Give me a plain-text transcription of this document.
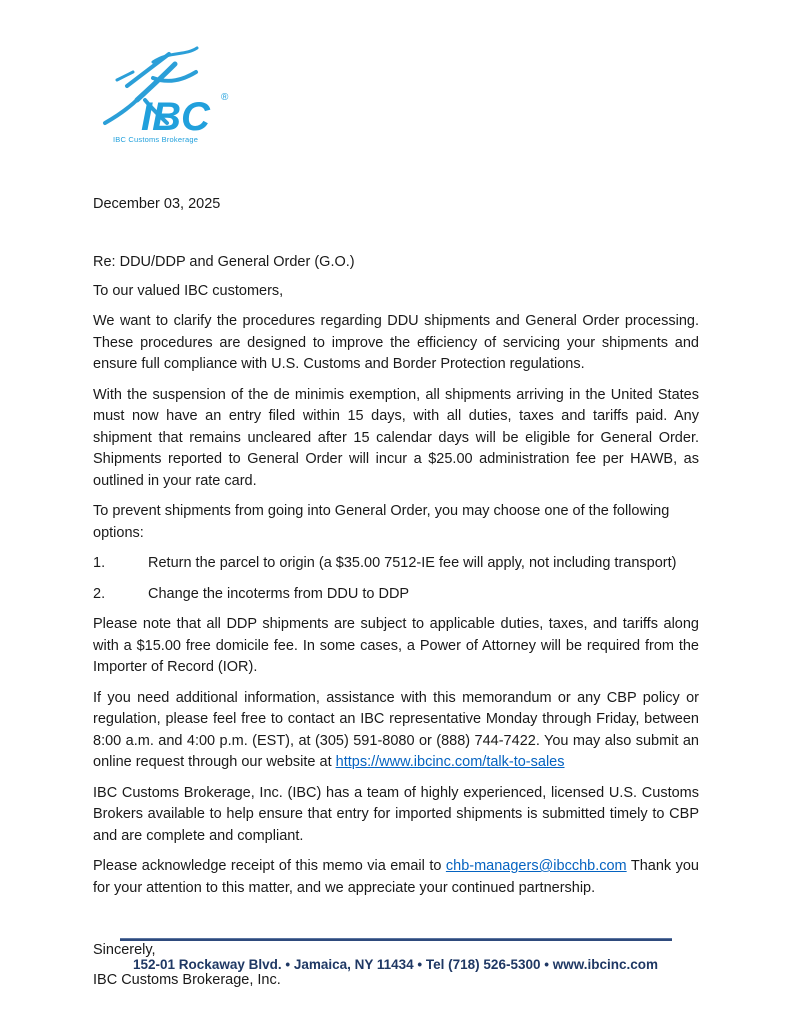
IBC ®
IBC Customs Brokerage
December 03, 2025
Re: DDU/DDP and General Order (G.O.)
To our valued IBC customers,

We want to clarify the procedures regarding DDU shipments and General Order processing. These procedures are designed to improve the efficiency of servicing your shipments and ensure full compliance with U.S. Customs and Border Protection regulations.

With the suspension of the de minimis exemption, all shipments arriving in the United States must now have an entry filed within 15 days, with all duties, taxes and tariffs paid. Any shipment that remains uncleared after 15 calendar days will be eligible for General Order. Shipments reported to General Order will incur a $25.00 administration fee per HAWB, as outlined in your rate card.

To prevent shipments from going into General Order, you may choose one of the following options:

1.	Return the parcel to origin (a $35.00 7512-IE fee will apply, not including transport)
2.	Change the incoterms from DDU to DDP

Please note that all DDP shipments are subject to applicable duties, taxes, and tariffs along with a $15.00 free domicile fee. In some cases, a Power of Attorney will be required from the Importer of Record (IOR).

If you need additional information, assistance with this memorandum or any CBP policy or regulation, please feel free to contact an IBC representative Monday through Friday, between 8:00 a.m. and 4:00 p.m. (EST), at (305) 591-8080 or (888) 744-7422. You may also submit an online request through our website at https://www.ibcinc.com/talk-to-sales

IBC Customs Brokerage, Inc. (IBC) has a team of highly experienced, licensed U.S. Customs Brokers available to help ensure that entry for imported shipments is submitted timely to CBP and are complete and compliant.

Please acknowledge receipt of this memo via email to chb-managers@ibcchb.com Thank you for your attention to this matter, and we appreciate your continued partnership.

Sincerely,
IBC Customs Brokerage, Inc.
152-01 Rockaway Blvd. • Jamaica, NY 11434 • Tel (718) 526-5300 • www.ibcinc.com
